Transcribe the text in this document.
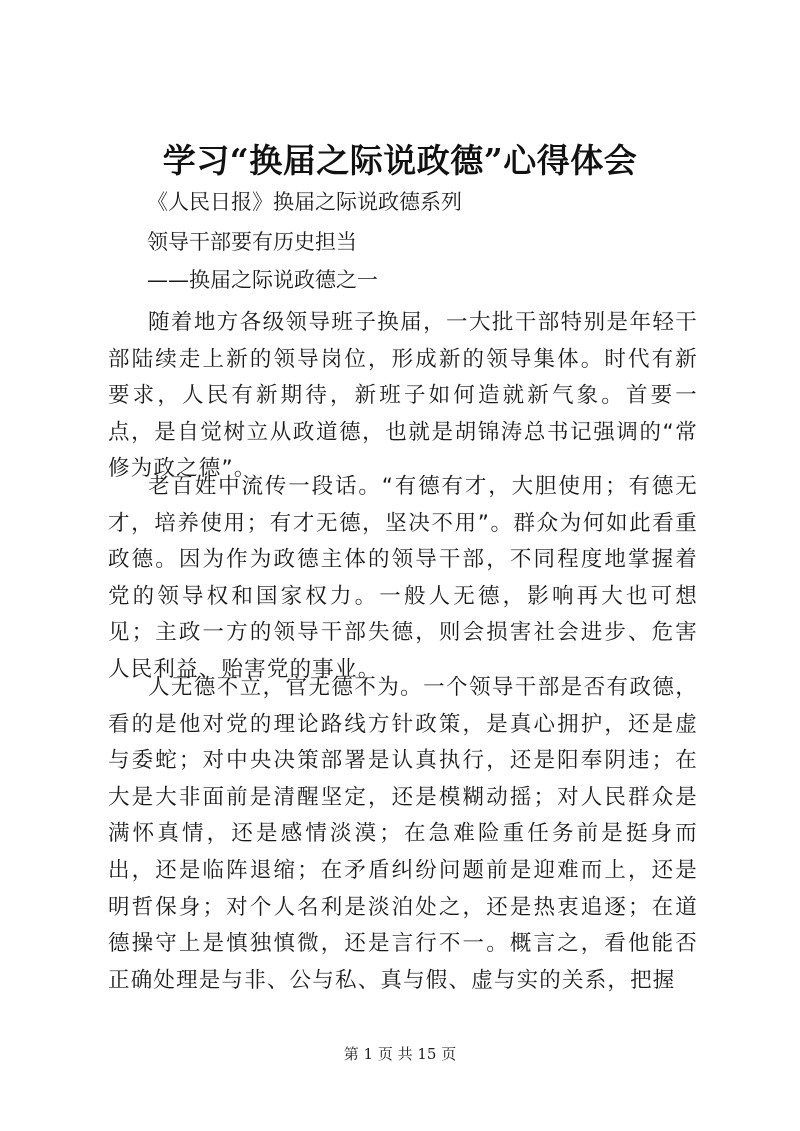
学习“换届之际说政德”心得体会
《人民日报》换届之际说政德系列
领导干部要有历史担当
——换届之际说政德之一
随着地方各级领导班子换届，一大批干部特别是年轻干部陆续走上新的领导岗位，形成新的领导集体。时代有新要求，人民有新期待，新班子如何造就新气象。首要一点，是自觉树立从政道德，也就是胡锦涛总书记强调的“常修为政之德”。
老百姓中流传一段话。“有德有才，大胆使用；有德无才，培养使用；有才无德，坚决不用”。群众为何如此看重政德。因为作为政德主体的领导干部，不同程度地掌握着党的领导权和国家权力。一般人无德，影响再大也可想见；主政一方的领导干部失德，则会损害社会进步、危害人民利益、贻害党的事业。
人无德不立，官无德不为。一个领导干部是否有政德，看的是他对党的理论路线方针政策，是真心拥护，还是虚与委蛇；对中央决策部署是认真执行，还是阳奉阴违；在大是大非面前是清醒坚定，还是模糊动摇；对人民群众是满怀真情，还是感情淡漠；在急难险重任务前是挺身而出，还是临阵退缩；在矛盾纠纷问题前是迎难而上，还是明哲保身；对个人名利是淡泊处之，还是热衷追逐；在道德操守上是慎独慎微，还是言行不一。概言之，看他能否正确处理是与非、公与私、真与假、虚与实的关系，把握
第 1 页 共 15 页
